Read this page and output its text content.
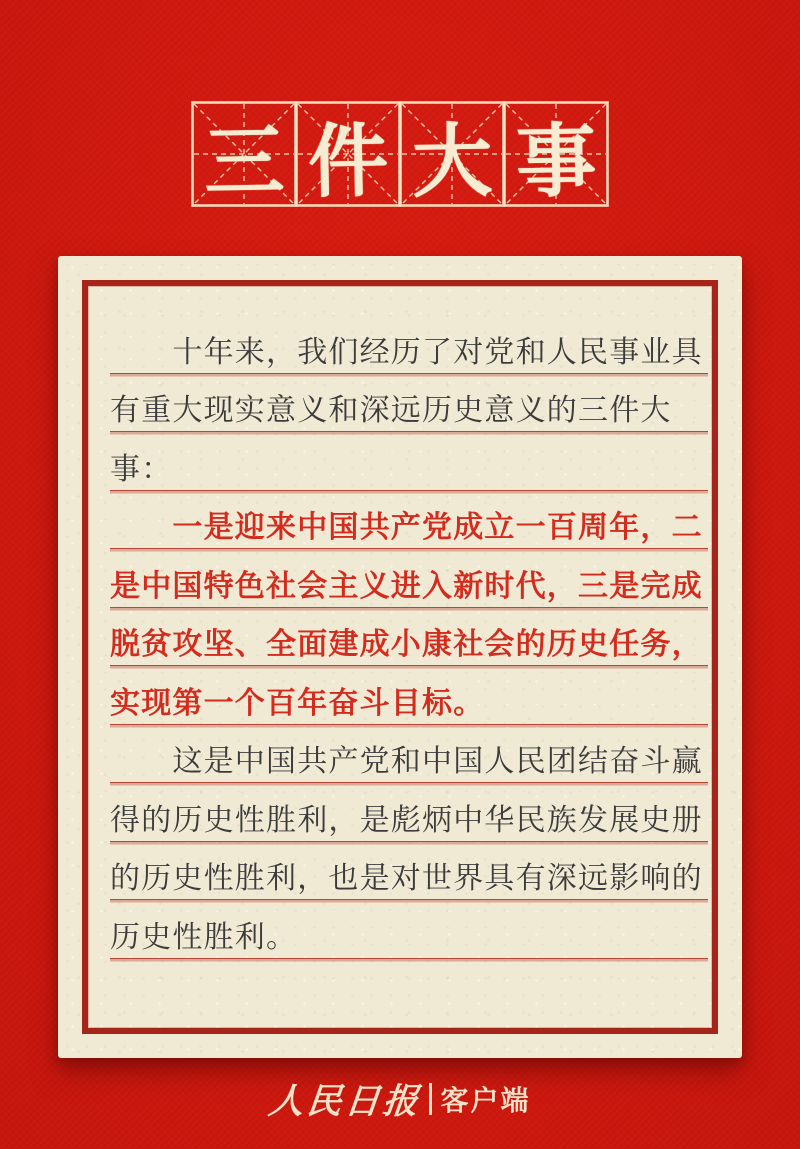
三 件 大 事
　　十年来，我们经历了对党和人民事业具
有重大现实意义和深远历史意义的三件大
事：
　　一是迎来中国共产党成立一百周年，二
是中国特色社会主义进入新时代，三是完成
脱贫攻坚、全面建成小康社会的历史任务，
实现第一个百年奋斗目标。
　　这是中国共产党和中国人民团结奋斗赢
得的历史性胜利，是彪炳中华民族发展史册
的历史性胜利，也是对世界具有深远影响的
历史性胜利。
人民日报 客户端
